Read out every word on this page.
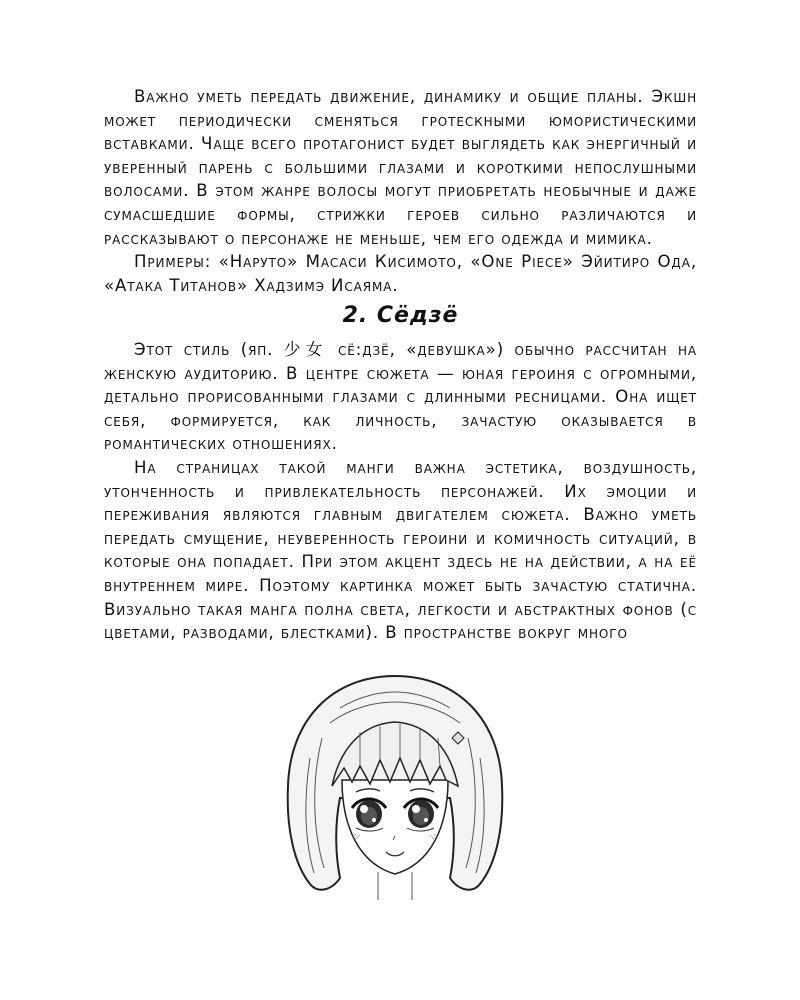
Важно уметь передать движение, динамику и общие планы. Экшн может периодически сменяться гротескными юмористическими вставками. Чаще всего протагонист будет выглядеть как энергичный и уверенный парень с большими глазами и короткими непослушными волосами. В этом жанре волосы могут приобретать необычные и даже сумасшедшие формы, стрижки героев сильно различаются и рассказывают о персонаже не меньше, чем его одежда и мимика.

Примеры: «Наруто» Масаси Кисимото, «One Piece» Эйитиро Ода, «Атака Титанов» Хадзимэ Исаяма.

2. Сёдзё

Этот стиль (яп. 少女 сё:дзё, «девушка») обычно рассчитан на женскую аудиторию. В центре сюжета — юная героиня с огромными, детально прорисованными глазами с длинными ресницами. Она ищет себя, формируется, как личность, зачастую оказывается в романтических отношениях.

На страницах такой манги важна эстетика, воздушность, утонченность и привлекательность персонажей. Их эмоции и переживания являются главным двигателем сюжета. Важно уметь передать смущение, неуверенность героини и комичность ситуаций, в которые она попадает. При этом акцент здесь не на действии, а на её внутреннем мире. Поэтому картинка может быть зачастую статична. Визуально такая манга полна света, легкости и абстрактных фонов (с цветами, разводами, блестками). В пространстве вокруг много
